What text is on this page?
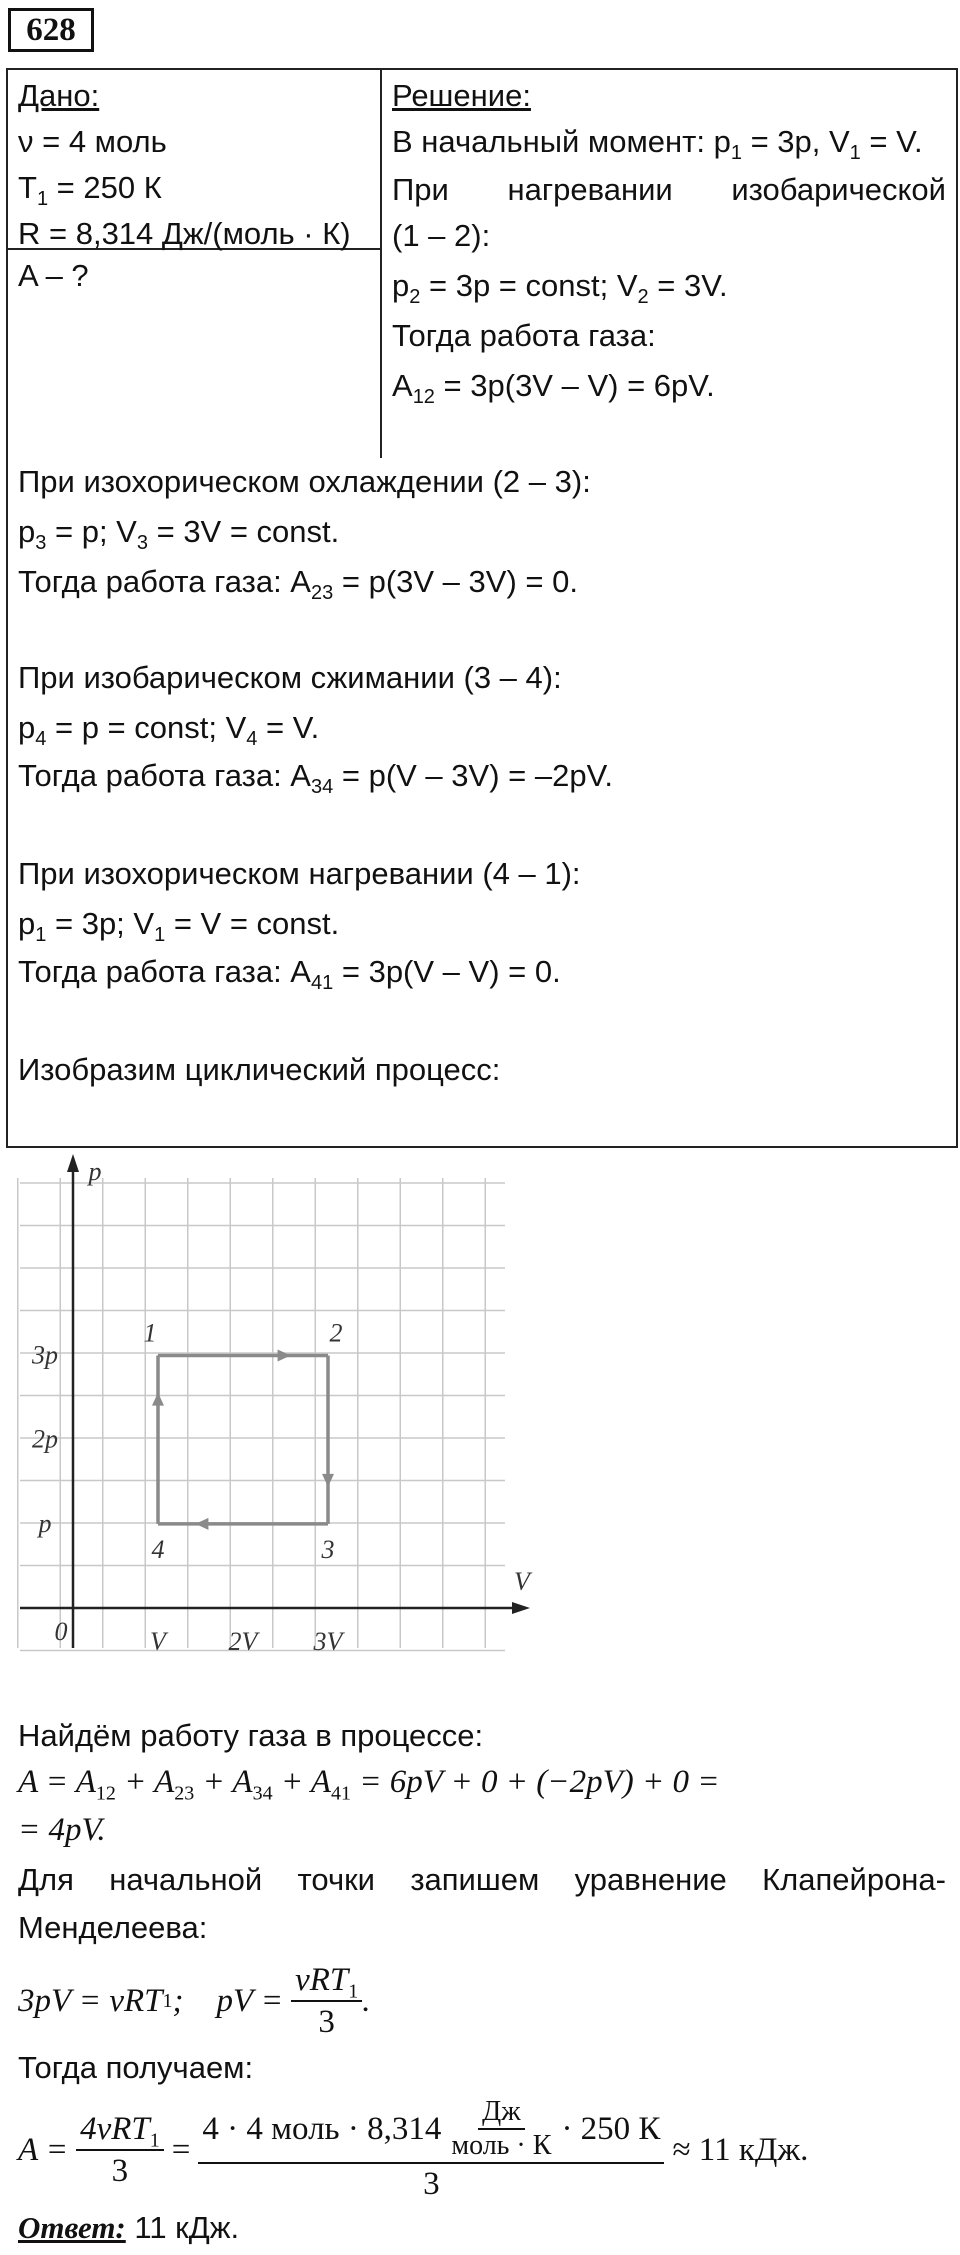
628
Дано:
ν = 4 моль
$T_1 = 250$ К
R = 8,314 Дж/(моль · К)
A – ?
Решение:
В начальный момент: $p_1 = 3p$, $V_1 = V$.
При нагревании изобарической
(1 – 2):
$p_2 = 3p$ = const; $V_2 = 3V$.
Тогда работа газа:
$A_{12} = 3p(3V - V) = 6pV$.
При изохорическом охлаждении (2 – 3):
$p_3 = p$; $V_3 = 3V$ = const.
Тогда работа газа: $A_{23} = p(3V - 3V) = 0$.
При изобарическом сжимании (3 – 4):
$p_4 = p$ = const; $V_4 = V$.
Тогда работа газа: $A_{34} = p(V - 3V) = -2pV$.
При изохорическом нагревании (4 – 1):
$p_1 = 3p$; $V_1 = V$ = const.
Тогда работа газа: $A_{41} = 3p(V - V) = 0$.
Изобразим циклический процесс:
p
V
0	V 2V 3V
p
2p
3p
1	2
3
4
Найдём работу газа в процессе:
$A = A_{12} + A_{23} + A_{34} + A_{41} = 6pV + 0 + (-2pV) + 0$ =
= 4pV.
Для начальной точки запишем уравнение Клапейрона-
Менделеева:
3pV = νRT 1 ;    pV = $\frac{\nu RT_1}{3}$ .
Тогда получаем:
$A = \frac{4\nu RT_1}{3} = \frac{4 \cdot 4 моль \cdot 8,314 \frac{Дж}{\text{моль · К}} \cdot 250 К}{3} \approx 11$ кДж.
Ответ: 11 кДж.
